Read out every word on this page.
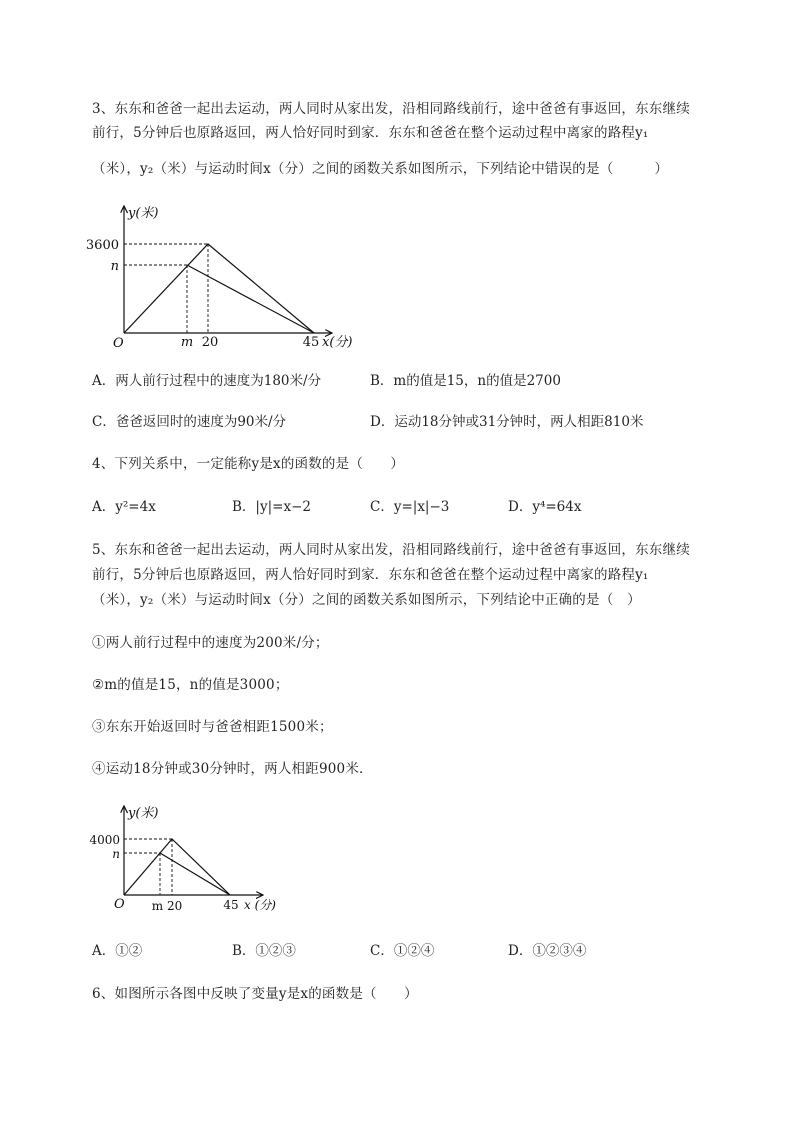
3、东东和爸爸一起出去运动，两人同时从家出发，沿相同路线前行，途中爸爸有事返回，东东继续
前行，5分钟后也原路返回，两人恰好同时到家．东东和爸爸在整个运动过程中离家的路程y₁
（米），y₂（米）与运动时间x（分）之间的函数关系如图所示，下列结论中错误的是（　　　）
y(米)
3600
n
O	m 20	45 x(分)
A．两人前行过程中的速度为180米/分	B．m的值是15，n的值是2700
C．爸爸返回时的速度为90米/分	D．运动18分钟或31分钟时，两人相距810米
4、下列关系中，一定能称y是x的函数的是（　　）
A．y²=4x	B．|y|=x−2	C．y=|x|−3	D．y⁴=64x
5、东东和爸爸一起出去运动，两人同时从家出发，沿相同路线前行，途中爸爸有事返回，东东继续
前行，5分钟后也原路返回，两人恰好同时到家．东东和爸爸在整个运动过程中离家的路程y₁
（米），y₂（米）与运动时间x（分）之间的函数关系如图所示，下列结论中正确的是（　）
①两人前行过程中的速度为200米/分；
②m的值是15，n的值是3000；
③东东开始返回时与爸爸相距1500米；
④运动18分钟或30分钟时，两人相距900米．
y(米)
4000
n
O m 20	45 x (分)
A．①②	B．①②③	C．①②④	D．①②③④
6、如图所示各图中反映了变量y是x的函数是（　　）
